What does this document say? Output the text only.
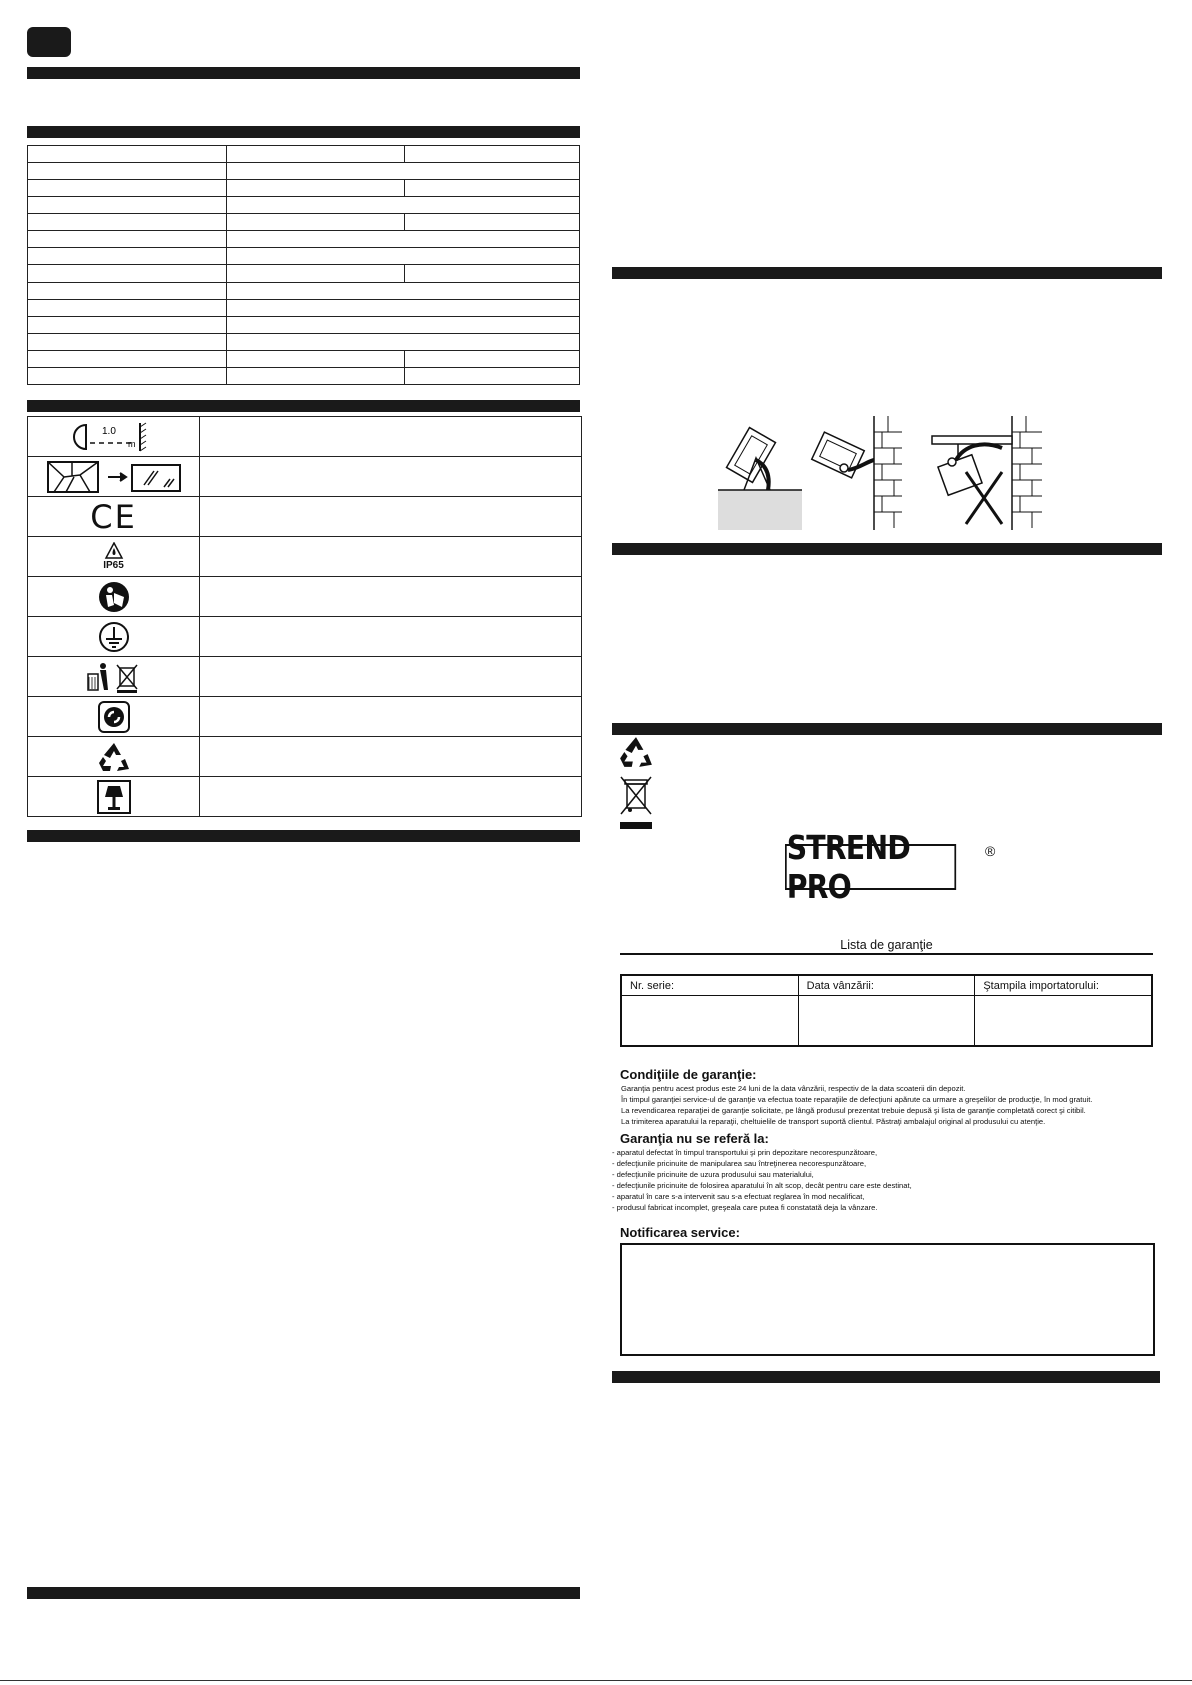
1.0
m
CE
IP65
STREND PRO
®
Lista de garanţie
Nr. serie:	Data vânzării:	Ştampila importatorului:
Condiţiile de garanţie:
Garanţia pentru acest produs este 24 luni de la data vânzării, respectiv de la data scoaterii din depozit.
În timpul garanţiei service-ul de garanţie va efectua toate reparaţiile de defecţiuni apărute ca urmare a greşelilor de producţie, în mod gratuit.
La revendicarea reparaţiei de garanţie solicitate, pe lângă produsul prezentat trebuie depusă şi lista de garanţie completată corect şi citibil.
La trimiterea aparatului la reparaţii, cheltuielile de transport suportă clientul. Păstraţi ambalajul original al produsului cu atenţie.
Garanţia nu se referă la:
- aparatul defectat în timpul transportului şi prin depozitare necorespunzătoare,
- defecţiunile pricinuite de manipularea sau întreţinerea necorespunzătoare,
- defecţiunile pricinuite de uzura produsului sau materialului,
- defecţiunile pricinuite de folosirea aparatului în alt scop, decât pentru care este destinat,
- aparatul în care s-a intervenit sau s-a efectuat reglarea în mod necalificat,
- produsul fabricat incomplet, greşeala care putea fi constatată deja la vânzare.
Notificarea service:
